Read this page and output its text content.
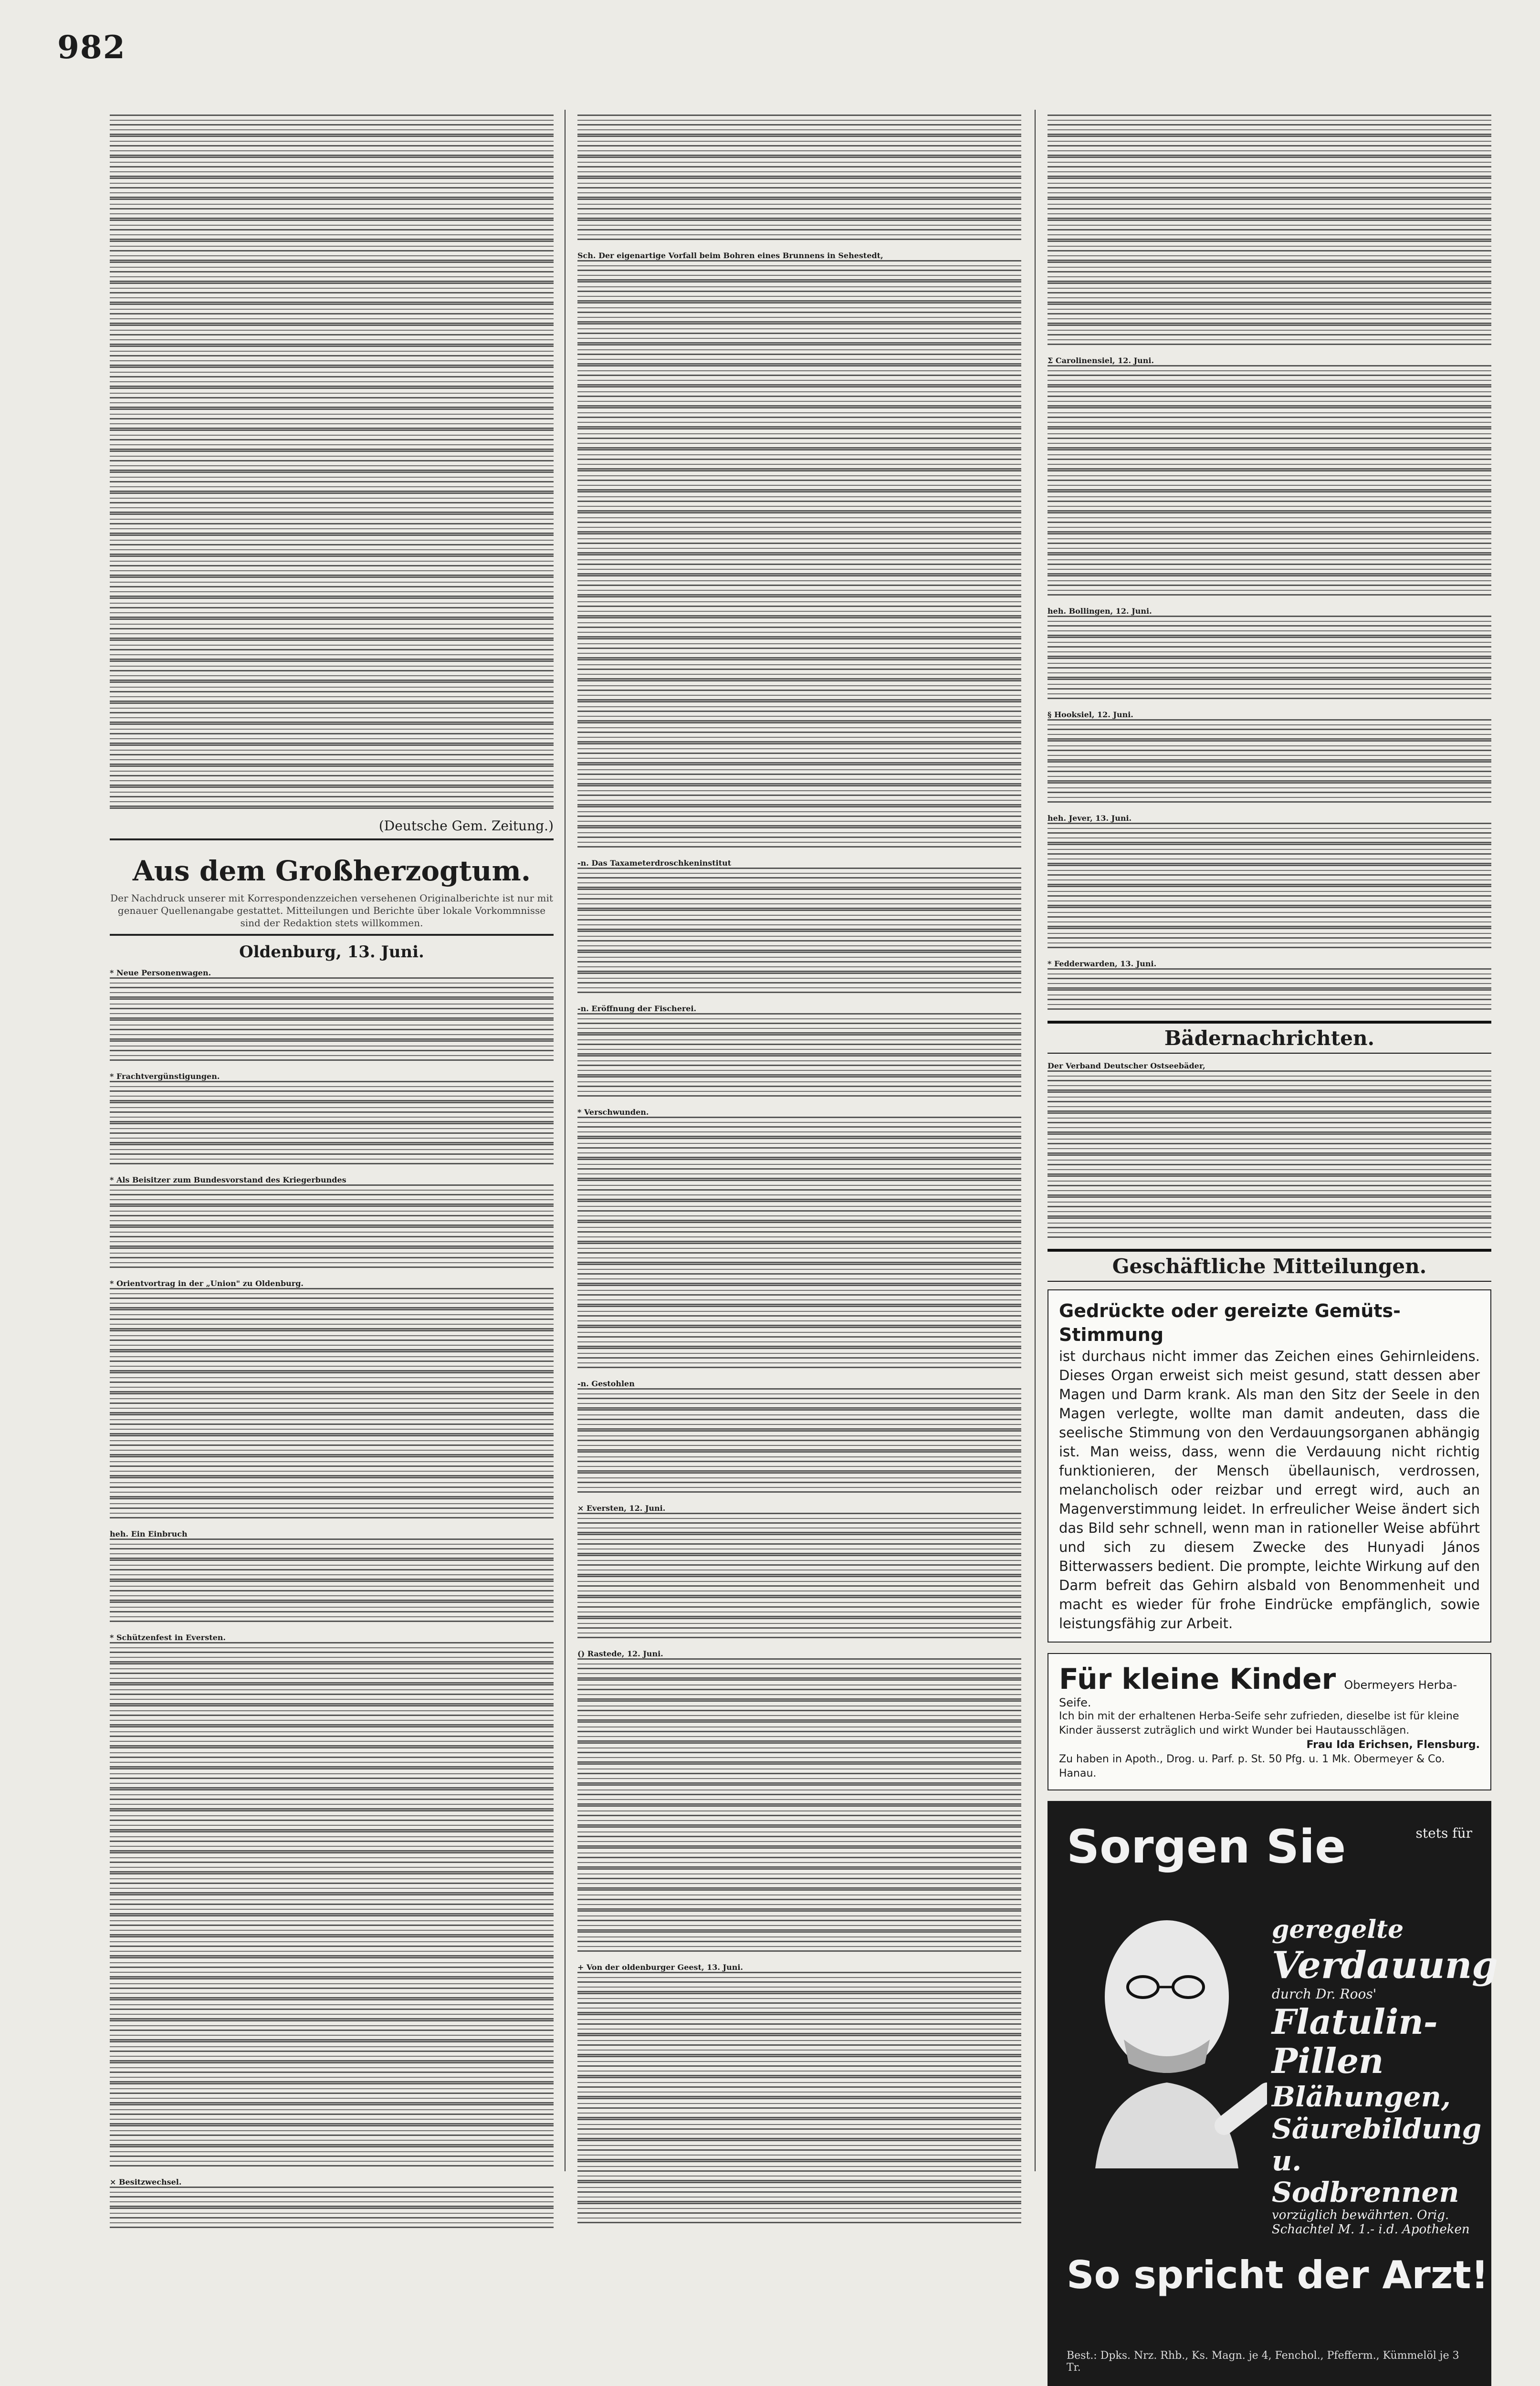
982
(Deutsche Gem. Zeitung.)
Aus dem Großherzogtum.
Der Nachdruck unserer mit Korrespondenzzeichen versehenen Originalberichte ist nur mit genauer Quellenangabe gestattet. Mitteilungen und Berichte über lokale Vorkommnisse sind der Redaktion stets willkommen.
Oldenburg, 13. Juni.
* Neue Personenwagen.
* Frachtvergünstigungen.
* Als Beisitzer zum Bundesvorstand des Kriegerbundes
* Orientvortrag in der „Union" zu Oldenburg.
heh. Ein Einbruch
* Schützenfest in Eversten.
× Besitzwechsel.
Sch. Der eigenartige Vorfall beim Bohren eines Brunnens in Sehestedt,
-n. Das Taxameterdroschkeninstitut
-n. Eröffnung der Fischerei.
* Verschwunden.
-n. Gestohlen
× Eversten, 12. Juni.
() Rastede, 12. Juni.
+ Von der oldenburger Geest, 13. Juni.
Σ Carolinensiel, 12. Juni.
heh. Bollingen, 12. Juni.
§ Hooksiel, 12. Juni.
heh. Jever, 13. Juni.
* Fedderwarden, 13. Juni.
Bädernachrichten.
Der Verband Deutscher Ostseebäder,
Geschäftliche Mitteilungen.
Gedrückte oder gereizte Gemüts-Stimmung
ist durchaus nicht immer das Zeichen eines Gehirnleidens. Dieses Organ erweist sich meist gesund, statt dessen aber Magen und Darm krank. Als man den Sitz der Seele in den Magen verlegte, wollte man damit andeuten, dass die seelische Stimmung von den Verdauungsorganen abhängig ist. Man weiss, dass, wenn die Verdauung nicht richtig funktionieren, der Mensch übellaunisch, verdrossen, melancholisch oder reizbar und erregt wird, auch an Magenverstimmung leidet. In erfreulicher Weise ändert sich das Bild sehr schnell, wenn man in rationeller Weise abführt und sich zu diesem Zwecke des Hunyadi János Bitterwassers bedient. Die prompte, leichte Wirkung auf den Darm befreit das Gehirn alsbald von Benommenheit und macht es wieder für frohe Eindrücke empfänglich, sowie leistungsfähig zur Arbeit.
Für kleine Kinder Obermeyers Herba-Seife.
Ich bin mit der erhaltenen Herba-Seife sehr zufrieden, dieselbe ist für kleine Kinder äusserst zuträglich und wirkt Wunder bei Hautausschlägen.
Frau Ida Erichsen, Flensburg.
Zu haben in Apoth., Drog. u. Parf. p. St. 50 Pfg. u. 1 Mk. Obermeyer & Co. Hanau.
Sorgen Sie	stets für
geregelte
Verdauung
durch Dr. Roos'
Flatulin-Pillen
Blähungen, Säurebildung u. Sodbrennen
vorzüglich bewährten. Orig. Schachtel M. 1.- i.d. Apotheken
So spricht der Arzt!
Best.: Dpks. Nrz. Rhb., Ks. Magn. je 4, Fenchol., Pfefferm., Kümmelöl je 3 Tr.
